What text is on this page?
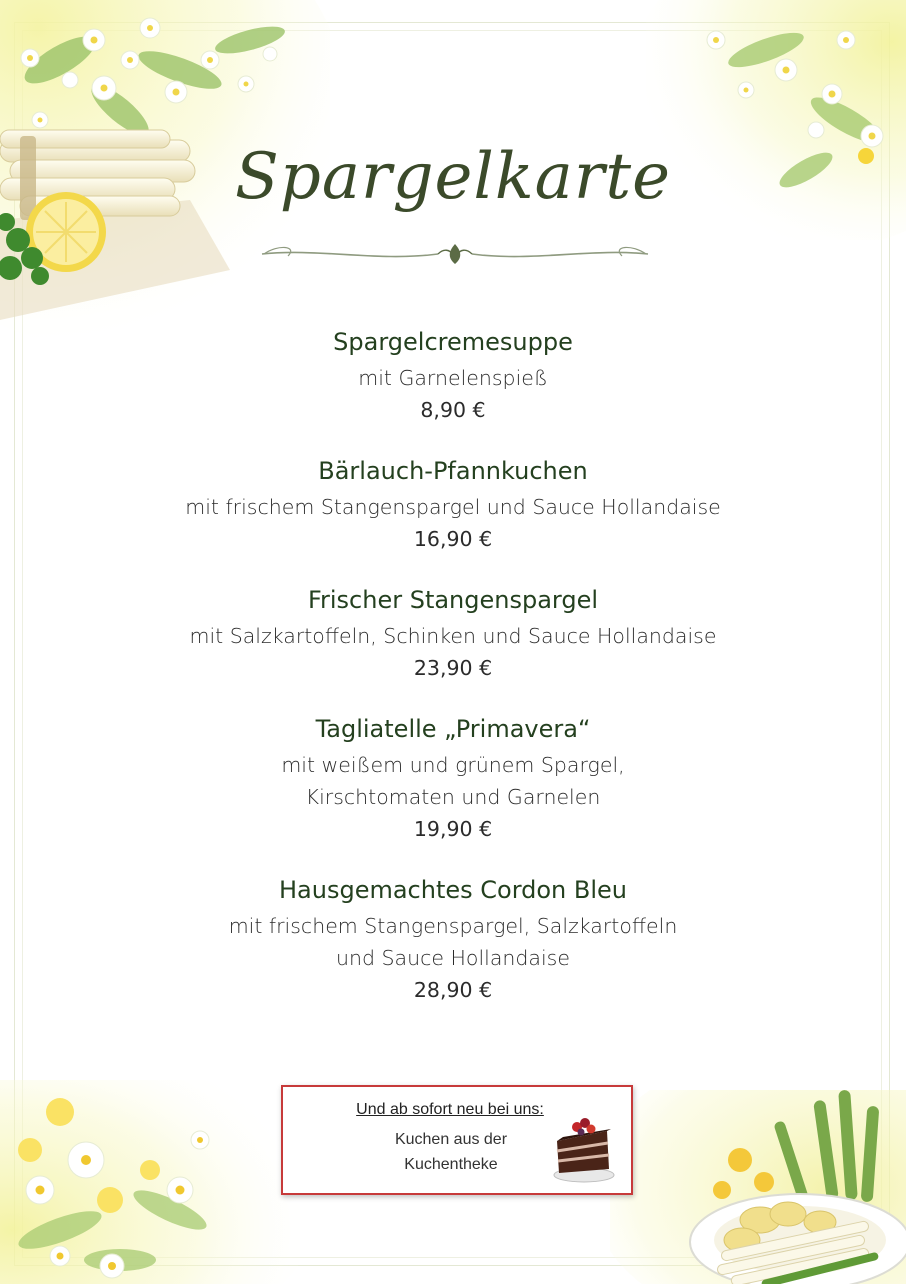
Spargelkarte
Spargelcremesuppe
mit Garnelenspieß
8,90 €
Bärlauch-Pfannkuchen
mit frischem Stangenspargel und Sauce Hollandaise
16,90 €
Frischer Stangenspargel
mit Salzkartoffeln, Schinken und Sauce Hollandaise
23,90 €
Tagliatelle „Primavera“
mit weißem und grünem Spargel,
Kirschtomaten und Garnelen
19,90 €
Hausgemachtes Cordon Bleu
mit frischem Stangenspargel, Salzkartoffeln
und Sauce Hollandaise
28,90 €
Und ab sofort neu bei uns:
Kuchen aus der
Kuchentheke
